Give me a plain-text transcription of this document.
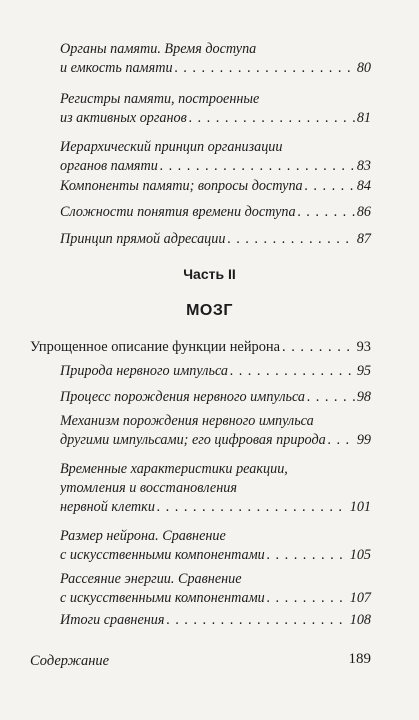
Органы памяти. Время доступа
и емкость памяти . . .	80
Регистры памяти, построенные
из активных органов . . .	81
Иерархический принцип организации
органов памяти . . .	83
Компоненты памяти; вопросы доступа . . .	84
Сложности понятия времени доступа . . .	86
Принцип прямой адресации . . .	87
Часть II
МОЗГ
Упрощенное описание функции нейрона . . .	93
Природа нервного импульса . . .	95
Процесс порождения нервного импульса . . .	98
Механизм порождения нервного импульса
другими импульсами; его цифровая природа . . . 99
Временные характеристики реакции,
утомления и восстановления
нервной клетки . . .	101
Размер нейрона. Сравнение
с искусственными компонентами . . .	105
Рассеяние энергии. Сравнение
с искусственными компонентами . . .	107
Итоги сравнения . . .	108
Содержание	189
